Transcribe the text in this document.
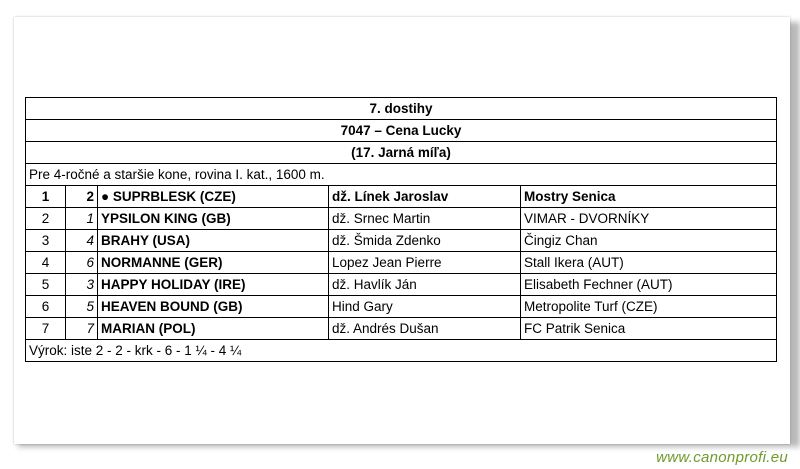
7. dostihy				
7047 – Cena Lucky				
(17. Jarná míľa)				
Pre 4-ročné a staršie kone, rovina I. kat., 1600 m.				
1	2	● SUPRBLESK (CZE)	dž. Línek Jaroslav	Mostry Senica
2	1	YPSILON KING (GB)	dž. Srnec Martin	VIMAR - DVORNÍKY
3	4	BRAHY (USA)	dž. Šmida Zdenko	Čingiz Chan
4	6	NORMANNE (GER)	Lopez Jean Pierre	Stall Ikera (AUT)
5	3	HAPPY HOLIDAY (IRE)	dž. Havlík Ján	Elisabeth Fechner (AUT)
6	5	HEAVEN BOUND (GB)	Hind Gary	Metropolite Turf (CZE)
7	7	MARIAN (POL)	dž. Andrés Dušan	FC Patrik Senica
Výrok: iste 2 - 2 - krk - 6 - 1 ¼ - 4 ¼				
www.canonprofi.eu
